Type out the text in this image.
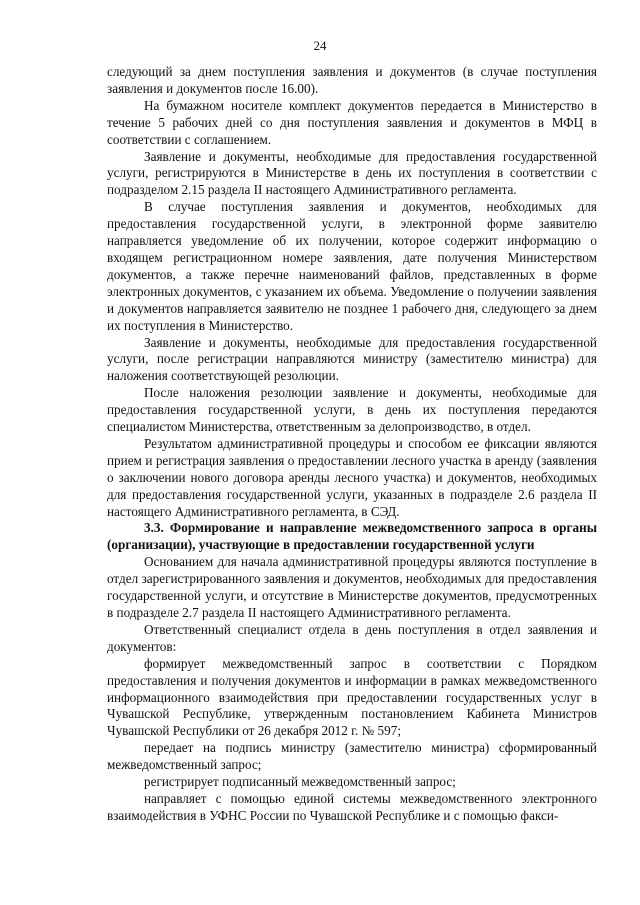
24

следующий за днем поступления заявления и документов (в случае поступления заявления и документов после 16.00).

На бумажном носителе комплект документов передается в Министерство в течение 5 рабочих дней со дня поступления заявления и документов в МФЦ в соответствии с соглашением.

Заявление и документы, необходимые для предоставления государственной услуги, регистрируются в Министерстве в день их поступления в соответствии с подразделом 2.15 раздела II настоящего Административного регламента.

В случае поступления заявления и документов, необходимых для предоставления государственной услуги, в электронной форме заявителю направляется уведомление об их получении, которое содержит информацию о входящем регистрационном номере заявления, дате получения Министерством документов, а также перечне наименований файлов, представленных в форме электронных документов, с указанием их объема. Уведомление о получении заявления и документов направляется заявителю не позднее 1 рабочего дня, следующего за днем их поступления в Министерство.

Заявление и документы, необходимые для предоставления государственной услуги, после регистрации направляются министру (заместителю министра) для наложения соответствующей резолюции.

После наложения резолюции заявление и документы, необходимые для предоставления государственной услуги, в день их поступления передаются специалистом Министерства, ответственным за делопроизводство, в отдел.

Результатом административной процедуры и способом ее фиксации являются прием и регистрация заявления о предоставлении лесного участка в аренду (заявления о заключении нового договора аренды лесного участка) и документов, необходимых для предоставления государственной услуги, указанных в подразделе 2.6 раздела II настоящего Административного регламента, в СЭД.

3.3. Формирование и направление межведомственного запроса в органы (организации), участвующие в предоставлении государственной услуги

Основанием для начала административной процедуры являются поступление в отдел зарегистрированного заявления и документов, необходимых для предоставления государственной услуги, и отсутствие в Министерстве документов, предусмотренных в подразделе 2.7 раздела II настоящего Административного регламента.

Ответственный специалист отдела в день поступления в отдел заявления и документов:

формирует межведомственный запрос в соответствии с Порядком предоставления и получения документов и информации в рамках межведомственного информационного взаимодействия при предоставлении государственных услуг в Чувашской Республике, утвержденным постановлением Кабинета Министров Чувашской Республики от 26 декабря 2012 г. № 597;

передает на подпись министру (заместителю министра) сформированный межведомственный запрос;

регистрирует подписанный межведомственный запрос;

направляет с помощью единой системы межведомственного электронного взаимодействия в УФНС России по Чувашской Республике и с помощью факси-
